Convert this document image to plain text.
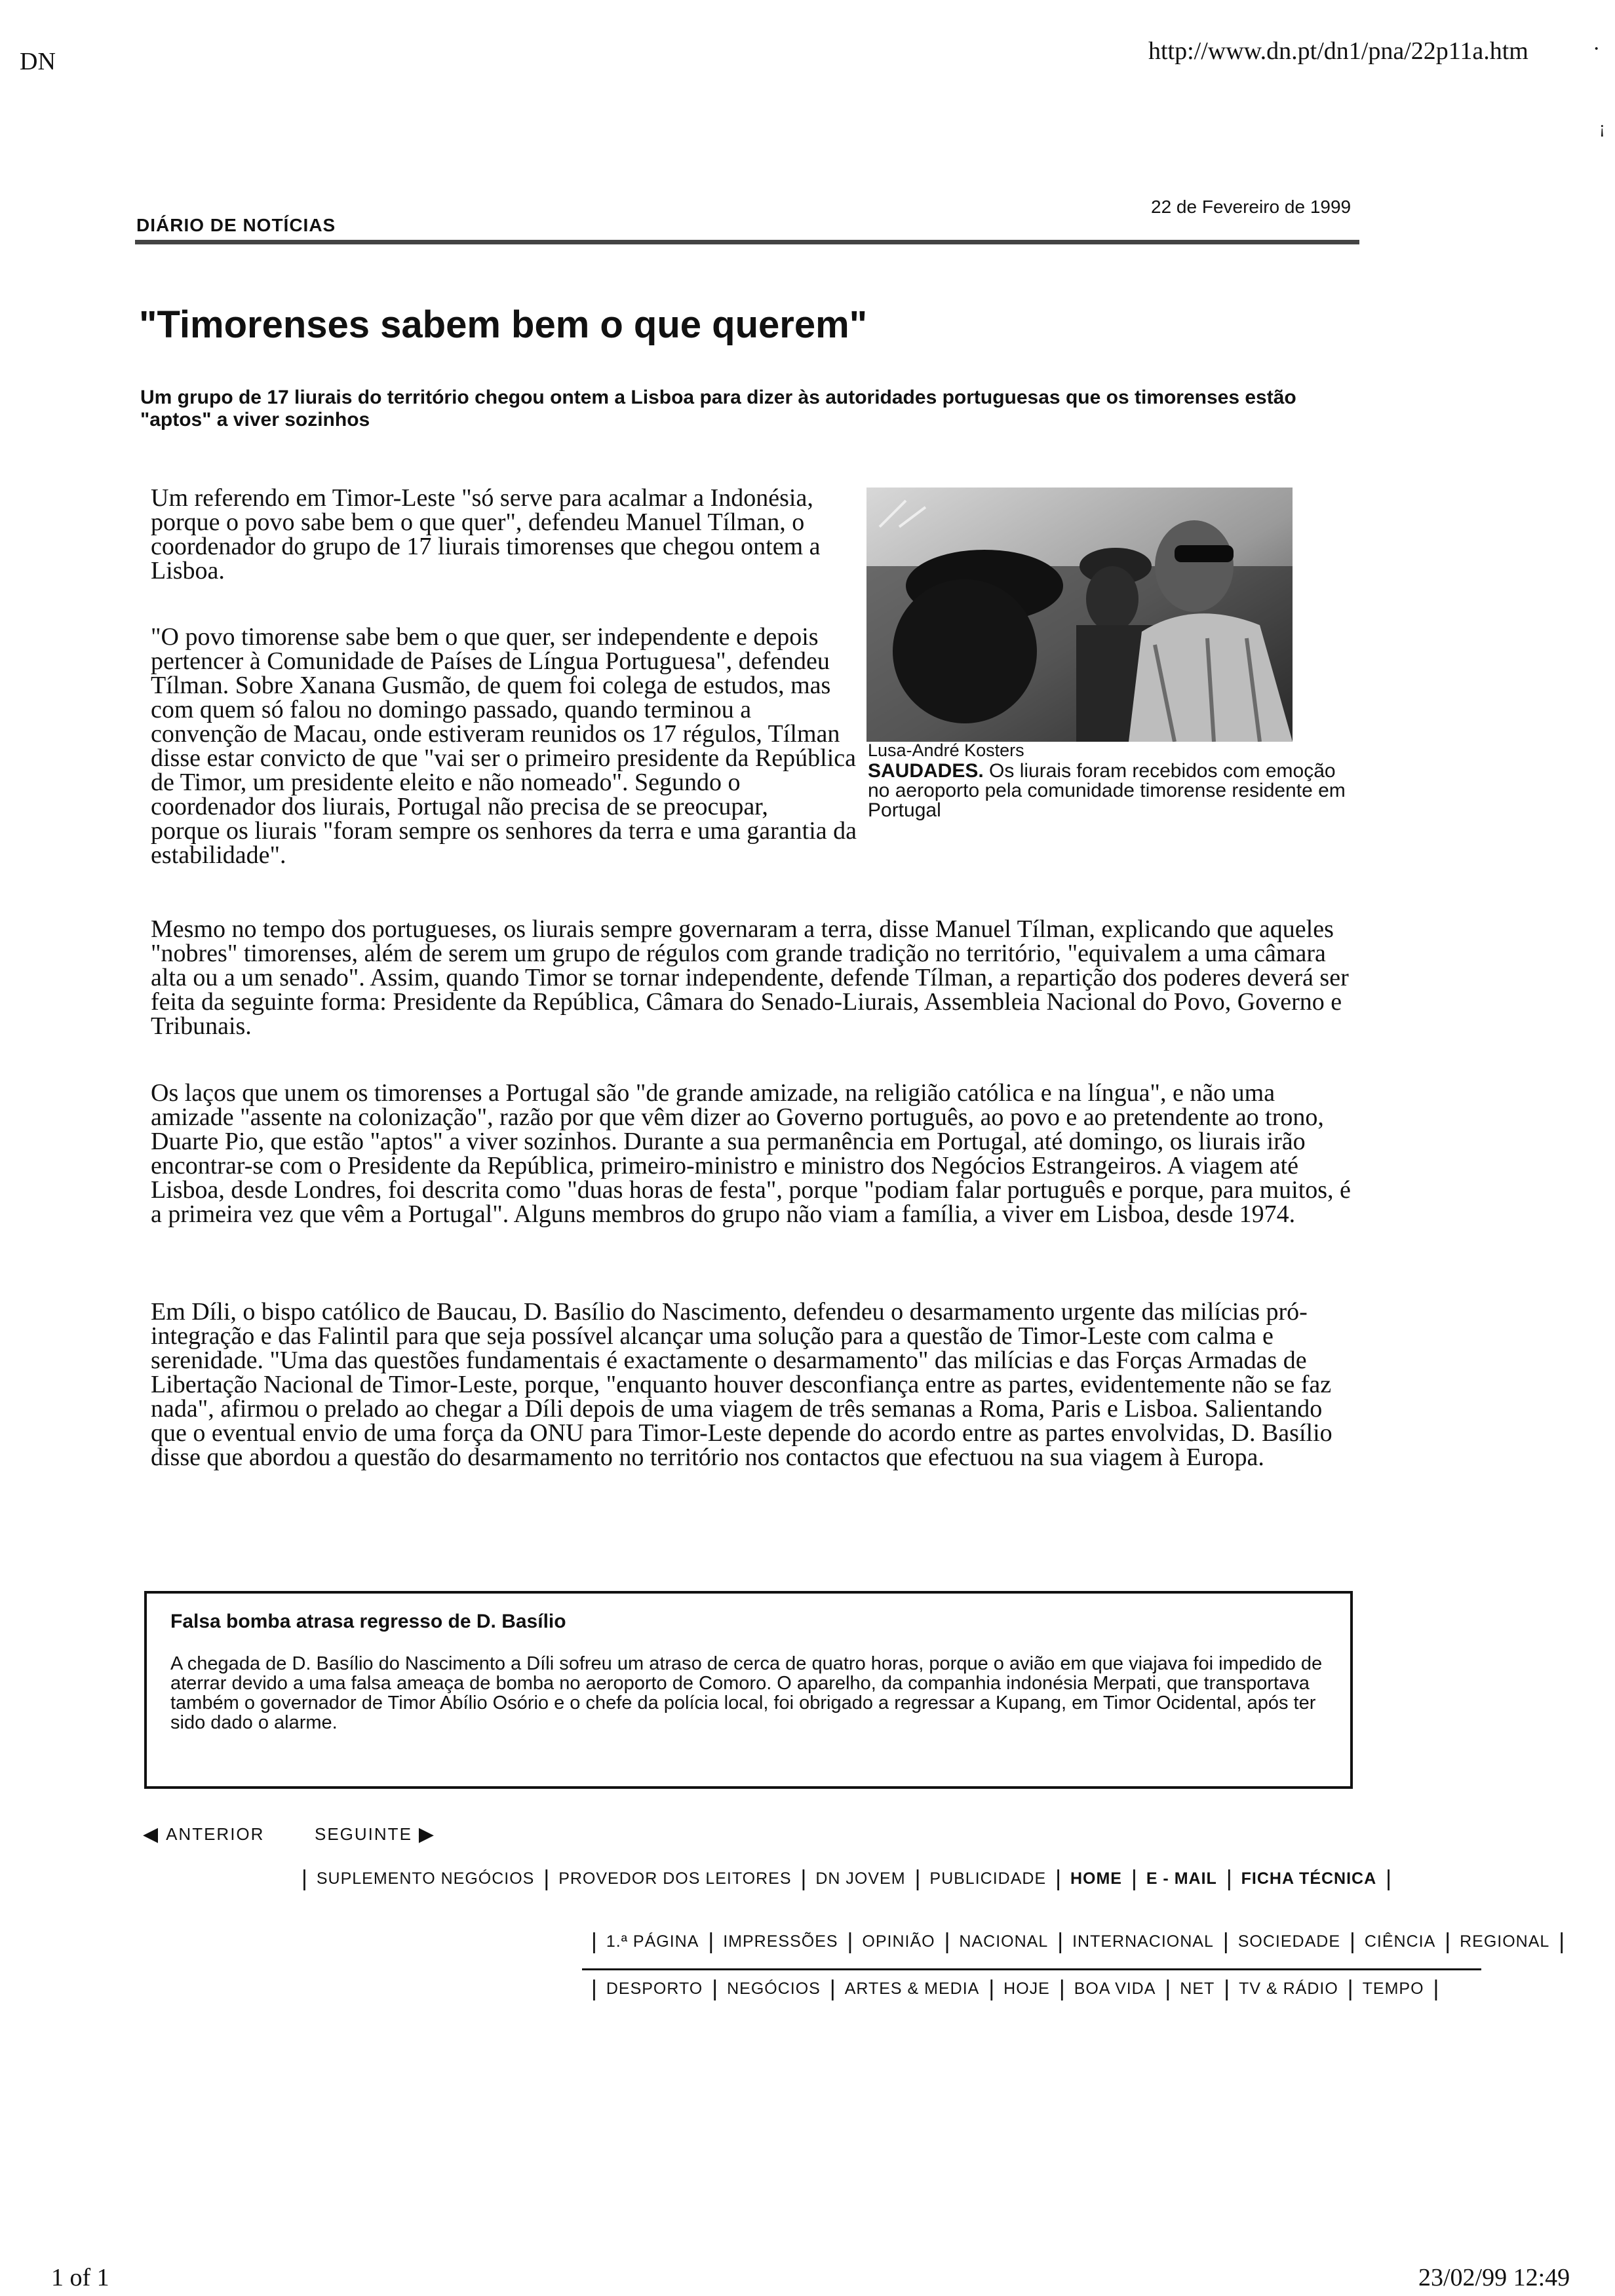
DN	http://www.dn.pt/dn1/pna/22p11a.htm	·
¡
DIÁRIO DE NOTÍCIAS
22 de Fevereiro de 1999
"Timorenses sabem bem o que querem"
Um grupo de 17 liurais do território chegou ontem a Lisboa para dizer às autoridades portuguesas que os timorenses estão "aptos" a viver sozinhos
Lusa-André Kosters
SAUDADES. Os liurais foram recebidos com emoção no aeroporto pela comunidade timorense residente em Portugal
Um referendo em Timor-Leste "só serve para acalmar a Indonésia, porque o povo sabe bem o que quer", defendeu Manuel Tílman, o coordenador do grupo de 17 liurais timorenses que chegou ontem a Lisboa.
"O povo timorense sabe bem o que quer, ser independente e depois pertencer à Comunidade de Países de Língua Portuguesa", defendeu Tílman. Sobre Xanana Gusmão, de quem foi colega de estudos, mas com quem só falou no domingo passado, quando terminou a convenção de Macau, onde estiveram reunidos os 17 régulos, Tílman disse estar convicto de que "vai ser o primeiro presidente da República de Timor, um presidente eleito e não nomeado". Segundo o coordenador dos liurais, Portugal não precisa de se preocupar,
porque os liurais "foram sempre os senhores da terra e uma garantia da estabilidade".
Mesmo no tempo dos portugueses, os liurais sempre governaram a terra, disse Manuel Tílman, explicando que aqueles "nobres" timorenses, além de serem um grupo de régulos com grande tradição no território, "equivalem a uma câmara alta ou a um senado". Assim, quando Timor se tornar independente, defende Tílman, a repartição dos poderes deverá ser feita da seguinte forma: Presidente da República, Câmara do Senado-Liurais, Assembleia Nacional do Povo, Governo e Tribunais.
Os laços que unem os timorenses a Portugal são "de grande amizade, na religião católica e na língua", e não uma amizade "assente na colonização", razão por que vêm dizer ao Governo português, ao povo e ao pretendente ao trono, Duarte Pio, que estão "aptos" a viver sozinhos. Durante a sua permanência em Portugal, até domingo, os liurais irão encontrar-se com o Presidente da República, primeiro-ministro e ministro dos Negócios Estrangeiros. A viagem até Lisboa, desde Londres, foi descrita como "duas horas de festa", porque "podiam falar português e porque, para muitos, é a primeira vez que vêm a Portugal". Alguns membros do grupo não viam a família, a viver em Lisboa, desde 1974.
Em Díli, o bispo católico de Baucau, D. Basílio do Nascimento, defendeu o desarmamento urgente das milícias pró-integração e das Falintil para que seja possível alcançar uma solução para a questão de Timor-Leste com calma e serenidade. "Uma das questões fundamentais é exactamente o desarmamento" das milícias e das Forças Armadas de Libertação Nacional de Timor-Leste, porque, "enquanto houver desconfiança entre as partes, evidentemente não se faz nada", afirmou o prelado ao chegar a Díli depois de uma viagem de três semanas a Roma, Paris e Lisboa. Salientando que o eventual envio de uma força da ONU para Timor-Leste depende do acordo entre as partes envolvidas, D. Basílio disse que abordou a questão do desarmamento no território nos contactos que efectuou na sua viagem à Europa.
Falsa bomba atrasa regresso de D. Basílio
A chegada de D. Basílio do Nascimento a Díli sofreu um atraso de cerca de quatro horas, porque o avião em que viajava foi impedido de aterrar devido a uma falsa ameaça de bomba no aeroporto de Comoro. O aparelho, da companhia indonésia Merpati, que transportava também o governador de Timor Abílio Osório e o chefe da polícia local, foi obrigado a regressar a Kupang, em Timor Ocidental, após ter sido dado o alarme.
◀ ANTERIOR	SEGUINTE ▶
| SUPLEMENTO NEGÓCIOS | PROVEDOR DOS LEITORES | DN JOVEM | PUBLICIDADE | HOME | E - MAIL | FICHA TÉCNICA |
| 1.ª PÁGINA | IMPRESSÕES | OPINIÃO | NACIONAL | INTERNACIONAL | SOCIEDADE | CIÊNCIA | REGIONAL |
| DESPORTO | NEGÓCIOS | ARTES & MEDIA | HOJE | BOA VIDA | NET | TV & RÁDIO | TEMPO |
1 of 1	23/02/99 12:49
